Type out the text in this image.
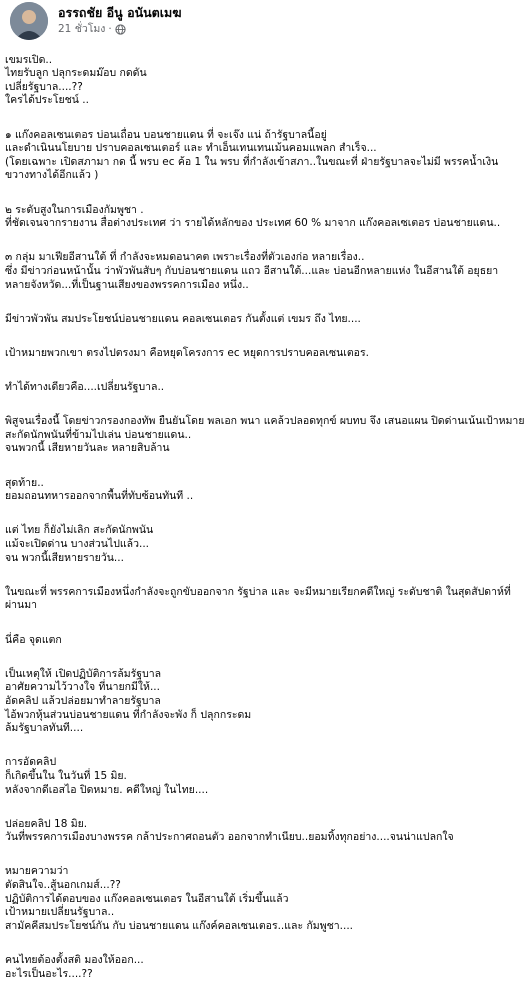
อรรถชัย อีนู อนันตเมฆ
21 ชั่วโมง ·

เขมรเปิด..
ไทยรับลูก ปลุกระดมม๊อบ กดดัน
เปลี่ยรัฐบาล....??
ใครได้ประโยชน์ ..

๑ แก๊งคอลเซนเตอร บ่อนเถื่อน บอนชายแดน ที่ จะเจ๊ง แน่ ถ้ารัฐบาลนี้อยู่
และดำเนินนโยบาย ปราบคอลเซนเตอร์ และ ทำเอ็นเทนเทนเม้นคอมแพลก สำเร็จ...
(โดยเฉพาะ เปิดสภามา กด นี้ พรบ ec ค้อ 1 ใน พรบ ที่กำลังเข้าสภา..ในขณะที่ ฝ่ายรัฐบาลจะไม่มี พรรคน้ำเงิน ขวางทางได้อีกแล้ว )

๒ ระดับสูงในการเมืองกัมพูชา .
ที่ชัดเจนจากรายงาน สื่อต่างประเทศ ว่า รายได้หลักของ ประเทศ 60 % มาจาก แก๊งคอลเซเตอร บ่อนชายแดน..

๓ กลุ่ม มาเฟียอีสานใต้ ที่ กำลังจะหมดอนาคต เพราะเรื่องที่ตัวเองก่อ หลายเรื่อง..
ซึ่ง มีข่าวก่อนหน้านั้น ว่าพัวพันสับๆ กับบ่อนชายแดน แถว อีสานใต้...และ บ่อนอีกหลายแห่ง ในอีสานใต้ อยุธยา หลายจังหวัด...ที่เป็นฐานเสียงของพรรคการเมือง หนึ่ง..

มีข่าวพัวพัน สมประโยชน์บ่อนชายแดน คอลเซนเตอร กันตั้งแต่ เขมร ถึง ไทย....

เป้าหมายพวกเขา ตรงไปตรงมา คือหยุดโครงการ ec หยุดการปราบคอลเซนเตอร.

ทำได้ทางเดียวคือ....เปลี่ยนรัฐบาล..

พิสูจนเรื่องนี้ โดยข่าวกรองกองทัพ ยืนยันโดย พลเอก พนา แคล้วปลอดทุกข์ ผบทบ จึง เสนอแผน ปิดด่านเน้นเป้าหมาย สะกัดนักพนันที่ข้ามไปเล่น บ่อนชายแดน..
จนพวกนี้ เสียหายวันละ หลายสิบล้าน

สุดท้าย..
ยอมถอนทหารออกจากพื้นที่ทับซ้อนทันที ..

แต่ ไทย ก็ยังไม่เลิก สะกัดนักพนัน
แม้จะเปิดด่าน บางส่วนไปแล้ว...
จน พวกนี้เสียหายรายวัน...

ในขณะที่ พรรคการเมืองหนึ่งกำลังจะถูกขับออกจาก รัฐบ่าล และ จะมีหมายเรียกคดีใหญ่ ระดับชาติ ในสุดสัปดาห์ที่ผ่านมา

นี่คือ จุดแตก

เป็นเหตุให้ เปิดปฏิบัติการล้มรัฐบาล
อาศัยความไว้วางใจ ที่นายกมีให้...
อัดคลิป แล้วปล่อยมาทำลายรัฐบาล
ไอ้พวกหุ้นส่วนบ่อนชายแดน ที่กำลังจะพัง ก็ ปลุกกระดม
ล้มรัฐบาลทันที....

การอัดคลิป
ก็เกิดขึ้นใน ในวันที่ 15 มิย.
หลังจากดีเอสไอ ปิดหมาย. คดีใหญ่ ในไทย....

ปล่อยคลิป 18 มิย.
วันที่พรรคการเมืองบางพรรค กล้าประกาศถอนตัว ออกจากทำเนียบ..ยอมทิ้งทุกอย่าง....จนน่าแปลกใจ

หมายความว่า
ตัดสินใจ..สู้นอกเกมส์...??
ปฏิบัติการได้ตอบของ แก๊งคอลเซนเตอร ในอีสานใต้ เริ่มขึ้นแล้ว
เป้าหมายเปลี่ยนรัฐบาล..
สามัคคีสมประโยชน์กัน กับ บ่อนชายแดน แก๊งค์คอลเซนเตอร..และ กัมพูชา....

คนไทยต้องตั้งสติ มองให้ออก...
อะไรเป็นอะไร....??
